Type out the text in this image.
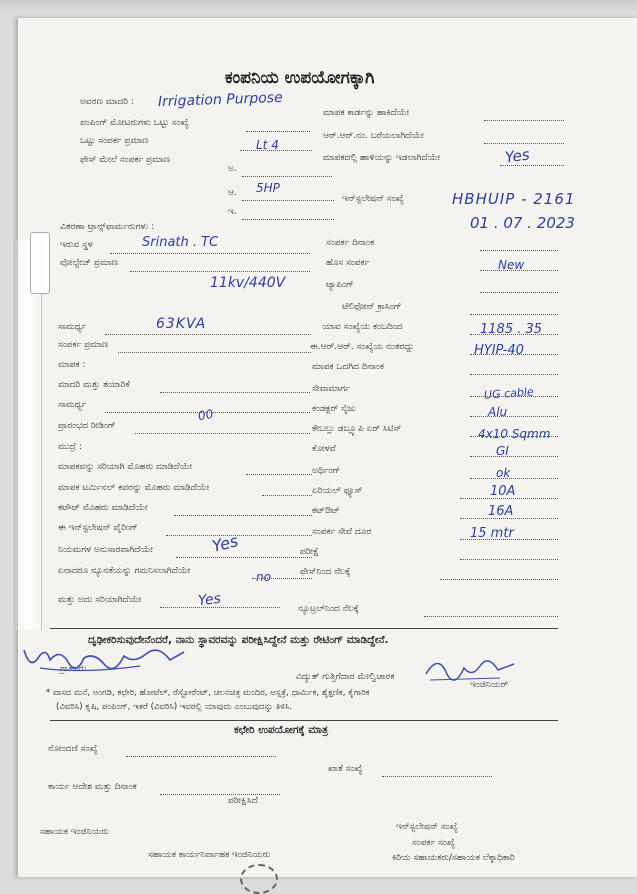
ಕಂಪನಿಯ ಉಪಯೋಗಕ್ಕಾಗಿ
ಅವರಣ ಮಾದರಿ :
ಪಂಪಿಂಗ್ ಮೋಟರುಗಳು ಒಟ್ಟು ಸಂಖ್ಯೆ
ಒಟ್ಟು ಸಂಪರ್ಕ ಪ್ರಮಾಣ
ಫೇಸ್ ಮೇಲೆ ಸಂಪರ್ಕ ಪ್ರಮಾಣ
ಅ.
ಆ.
ಇ.
ವಿತರಣಾ ಟ್ರಾನ್ಸ್‌ಫಾರ್ಮರುಗಳು :
ಇರುವ ಸ್ಥಳ
ವೋಲ್ಟೇಜ್ ಪ್ರಮಾಣ
ಸಾಮರ್ಥ್ಯ
ಸಂಪರ್ಕ ಪ್ರಮಾಣ
ಮಾಪಕ :
ಮಾದರಿ ಮತ್ತು ತಯಾರಿಕೆ
ಸಾಮರ್ಥ್ಯ
ಪ್ರಾರಂಭದ ರೀಡಿಂಗ್
ಮುದ್ರೆ :
ಮಾಪಕವನ್ನು ಸರಿಯಾಗಿ ಮೊಹರು ಮಾಡಿದೆಯೇ
ಮಾಪಕ ಟರ್ಮಿನಲ್ ಕವರನ್ನು ಮೊಹರು ಮಾಡಿದೆಯೇ
ಕಟೌಟ್ ಮೊಹರು ಮಾಡಿದೆಯೇ
ಈ ಇನ್‌ಸ್ಟಲೇಷನ್ ವೈರಿಂಗ್
ನಿಯಮಗಳ ಅನುಸಾರವಾಗಿದೆಯೇ
ಏನಾದರೂ ನ್ಯೂನತೆಯನ್ನು ಗಮನಿಸಲಾಗಿದೆಯೇ
ಮತ್ತು ಅದು ಸರಿಯಾಗಿದೆಯೇ
ಮಾಪಕ ಕಾರ್ಡನ್ನು ಹಾಕಿದೆಯೇ
ಆರ್.ಆರ್.ನಂ. ಬರೆಯಲಾಗಿದೆಯೇ
ಮಾಪಕದಲ್ಲಿ ಹಾಳಿಯನ್ನು ಇಡಲಾಗಿದೆಯೇ
ಇನ್‌ಸ್ಟಲೇಷನ್ ಸಂಖ್ಯೆ
ಸಂಪರ್ಕ ದಿನಾಂಕ
ಹೊಸ ಸಂಪರ್ಕ
ಟ್ಯಾಪಿಂಗ್
ಟೆಲಿಫೋನ್ ಕ್ರಾಸಿಂಗ್
ಯಾವ ಸಂಖ್ಯೆಯ ಕಂಬದಿಂದ
ಈ.ಆರ್.ಆರ್. ಸಂಖ್ಯೆಯ ನಂತರದ್ದು
ಮಾಪಕ ಒದಗಿದ ದಿನಾಂಕ
ಸೇವಾಮಾರ್ಗ
ಕಂಡಕ್ಟರ್ ಸೈಜು
ಕೇಬಲ್ಲು ಡಬ್ಲ್ಯೂಪಿ ಏರ್ ಸಿಟಿಸ್
ಕೋಳವೆ
ಅರ್ಥಿಂಗ್
ಏರಿಯಲ್ ಫ್ಯೂಸ್
ಕಟ್‌ಔಟ್
ಸಂಪರ್ಕ ಸೇವೆ ದೂರ
ಪರೀಕ್ಷೆ
ಫೇಸ್‌ನಿಂದ ನೆಲಕ್ಕೆ
ನ್ಯೂಟ್ರಲ್‌ನಿಂದ ನೆಲಕ್ಕೆ
Irrigation Purpose
Lt 4
Yes
5HP
HBHUIP - 2161
01 . 07 . 2023
Srinath . TC
New
11kv/440V
63KVA	1185 . 35
HYIP-40
UG cable
Alu
00
4x10 Sqmm
GI
ok
10A
16A
15 mtr
Yes
no
Yes
ದೃಢೀಕರಿಸುವುದೇನೆಂದರೆ, ನಾನು ಸ್ಥಾವರವನ್ನು ಪರೀಕ್ಷಿಸಿದ್ದೇನೆ ಮತ್ತು ರೇಟಿಂಗ್ ಮಾಡಿದ್ದೇನೆ.
ಗ್ರಾಹಕರು
ವಿದ್ಯುತ್ ಗುತ್ತಿಗೆದಾರ ಮೇಲ್ವಿಚಾರಕ
ಇಂಜಿನಿಯರ್
* ವಾಸದ ಮನೆ, ಅಂಗಡಿ, ಕಛೇರಿ, ಹೋಟೆಲ್, ರೆಸ್ಟೋರೆಂಟ್, ಚಲನಚಿತ್ರ ಮಂದಿರ, ಆಸ್ಪತ್ರೆ, ಧಾರ್ಮಿಕ, ಶೈಕ್ಷಣಿಕ, ಕೈಗಾರಿಕ
(ವಿವರಿಸಿ) ಕೃಷಿ, ಪಂಪಿಂಗ್, ಇತರೆ (ವಿವರಿಸಿ) ಇವರಲ್ಲಿ ಯಾವುದು ಎಂಬುವುದನ್ನು ತಿಳಿಸಿ.
ಕಛೇರಿ ಉಪಯೋಗಕ್ಕೆ ಮಾತ್ರ
ನೋಂದಣಿ ಸಂಖ್ಯೆ
ಖಾತೆ ಸಂಖ್ಯೆ
ಕಾರ್ಯ ಆದೇಶ ಮತ್ತು ದಿನಾಂಕ
ಪರೀಕ್ಷಿಸಿದೆ
ಇನ್‌ಸ್ಟಲೇಷನ್ ಸಂಖ್ಯೆ
ಸಂಪರ್ಕ ಸಂಖ್ಯೆ
ಸಹಾಯಕ ಇಂಜಿನಿಯರು
ಸಹಾಯಕ ಕಾರ್ಯನಿರ್ವಾಹಕ ಇಂಜಿನಿಯರು	ಕಿರಿಯ ಸಹಾಯಕರು/ಸಹಾಯಕ ಲೆಕ್ಕಾಧಿಕಾರಿ
